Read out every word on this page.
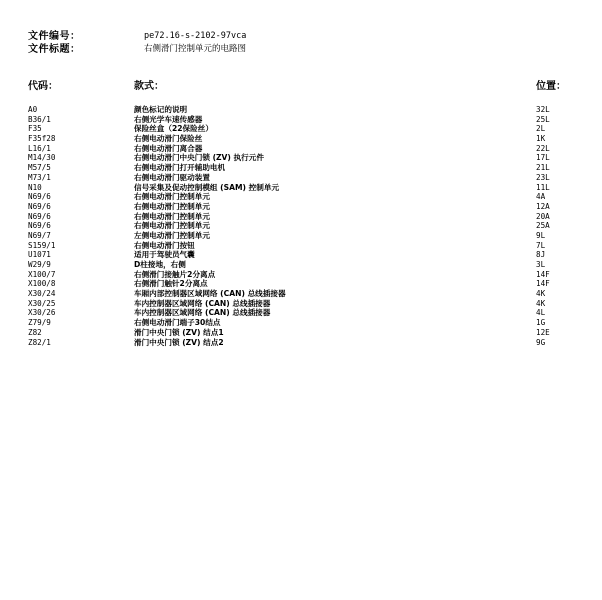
文件编号：	pe72.16-s-2102-97vca
文件标题：	右侧滑门控制单元的电路图
代码：	款式：	位置：
A0	颜色标记的说明	32L
B36/1	右侧光学车速传感器	25L
F35	保险丝盒（22保险丝）	2L
F35f28	右侧电动滑门保险丝	1K
L16/1	右侧电动滑门离合器	22L
M14/30	右侧电动滑门中央门锁 (ZV) 执行元件	17L
M57/5	右侧电动滑门打开辅助电机	21L
M73/1	右侧电动滑门驱动装置	23L
N10	信号采集及促动控制模组 (SAM) 控制单元	11L
N69/6	右侧电动滑门控制单元	4A
N69/6	右侧电动滑门控制单元	12A
N69/6	右侧电动滑门控制单元	20A
N69/6	右侧电动滑门控制单元	25A
N69/7	左侧电动滑门控制单元	9L
S159/1	右侧电动滑门按钮	7L
U1071	适用于驾驶员气囊	8J
W29/9	D柱接地，右侧	3L
X100/7	右侧滑门接触片2分离点	14F
X100/8	右侧滑门触针2分离点	14F
X30/24	车厢内部控制器区域网络 (CAN) 总线插接器	4K
X30/25	车内控制器区域网络 (CAN) 总线插接器	4K
X30/26	车内控制器区域网络 (CAN) 总线插接器	4L
Z79/9	右侧电动滑门端子30结点	1G
Z82	滑门中央门锁 (ZV) 结点1	12E
Z82/1	滑门中央门锁 (ZV) 结点2	9G
